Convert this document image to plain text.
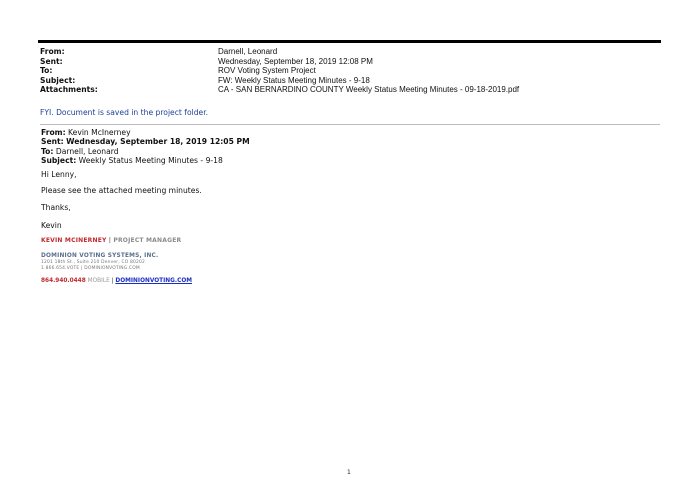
From:	Darnell, Leonard
Sent:	Wednesday, September 18, 2019 12:08 PM
To:	ROV Voting System Project
Subject:	FW: Weekly Status Meeting Minutes - 9-18
Attachments:	CA - SAN BERNARDINO COUNTY Weekly Status Meeting Minutes - 09-18-2019.pdf
FYI. Document is saved in the project folder.
From: Kevin McInerney
Sent: Wednesday, September 18, 2019 12:05 PM
To: Darnell, Leonard
Subject: Weekly Status Meeting Minutes - 9-18
Hi Lenny,
Please see the attached meeting minutes.
Thanks,
Kevin
KEVIN MCINERNEY | PROJECT MANAGER
DOMINION VOTING SYSTEMS, INC.
1201 18th St., Suite 210 Denver, CO 80202
1.866.654.VOTE | DOMINIONVOTING.COM
864.940.0448 MOBILE | DOMINIONVOTING.COM
1
